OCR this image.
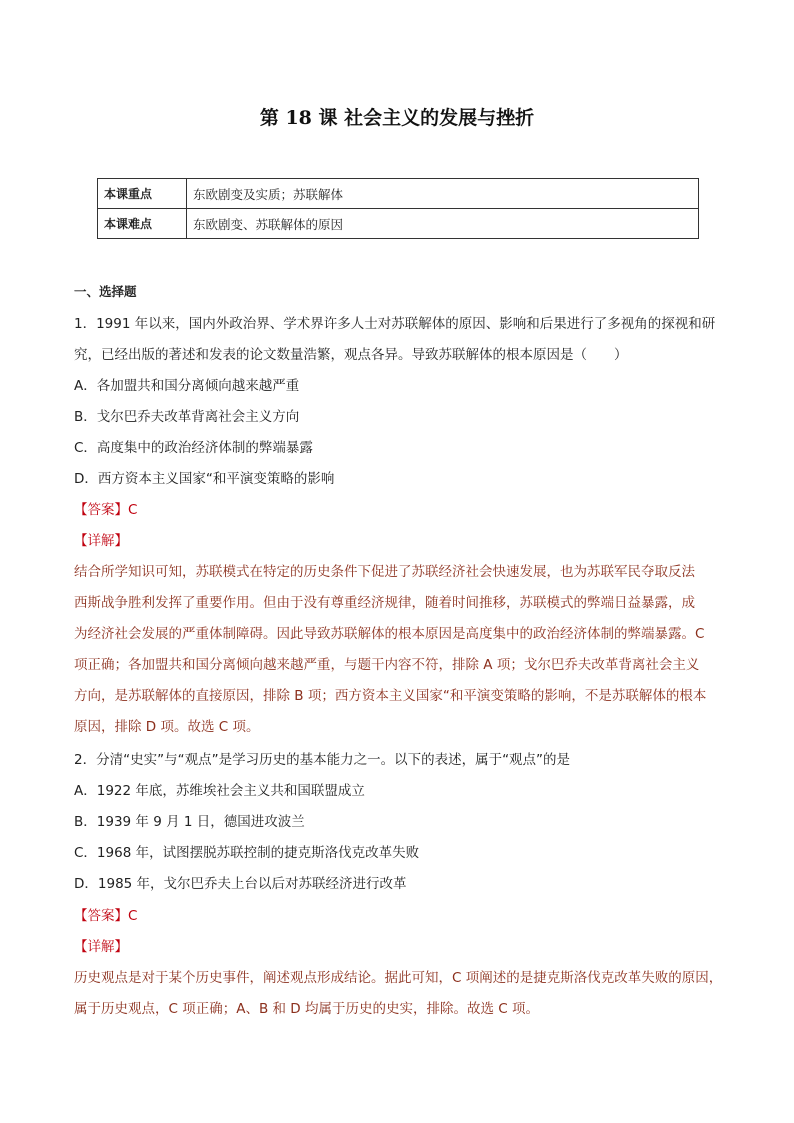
第 18 课 社会主义的发展与挫折
本课重点	东欧剧变及实质；苏联解体
本课难点	东欧剧变、苏联解体的原因
一、选择题
1．1991 年以来，国内外政治界、学术界许多人士对苏联解体的原因、影响和后果进行了多视角的探视和研
究，已经出版的著述和发表的论文数量浩繁，观点各异。导致苏联解体的根本原因是（　　）
A．各加盟共和国分离倾向越来越严重
B．戈尔巴乔夫改革背离社会主义方向
C．高度集中的政治经济体制的弊端暴露
D．西方资本主义国家“和平演变策略的影响
【答案】C
【详解】
结合所学知识可知，苏联模式在特定的历史条件下促进了苏联经济社会快速发展，也为苏联军民夺取反法
西斯战争胜利发挥了重要作用。但由于没有尊重经济规律，随着时间推移，苏联模式的弊端日益暴露，成
为经济社会发展的严重体制障碍。因此导致苏联解体的根本原因是高度集中的政治经济体制的弊端暴露。C
项正确；各加盟共和国分离倾向越来越严重，与题干内容不符，排除 A 项；戈尔巴乔夫改革背离社会主义
方向，是苏联解体的直接原因，排除 B 项；西方资本主义国家“和平演变策略的影响，不是苏联解体的根本
原因，排除 D 项。故选 C 项。
2．分清“史实”与“观点”是学习历史的基本能力之一。以下的表述，属于“观点”的是
A．1922 年底，苏维埃社会主义共和国联盟成立
B．1939 年 9 月 1 日，德国进攻波兰
C．1968 年，试图摆脱苏联控制的捷克斯洛伐克改革失败
D．1985 年，戈尔巴乔夫上台以后对苏联经济进行改革
【答案】C
【详解】
历史观点是对于某个历史事件，阐述观点形成结论。据此可知，C 项阐述的是捷克斯洛伐克改革失败的原因，
属于历史观点，C 项正确；A、B 和 D 均属于历史的史实，排除。故选 C 项。
